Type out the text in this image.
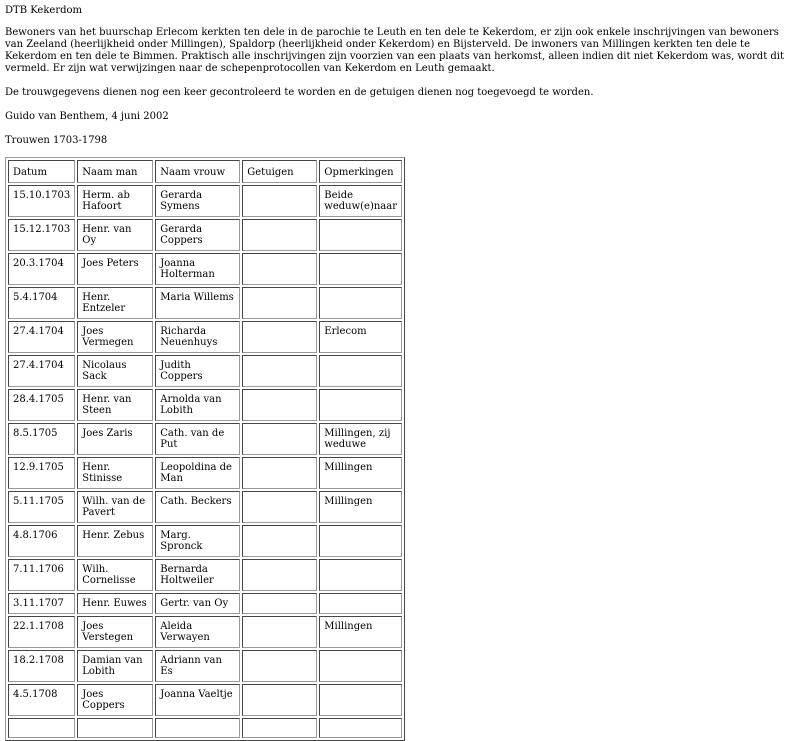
DTB Kekerdom

Bewoners van het buurschap Erlecom kerkten ten dele in de parochie te Leuth en ten dele te Kekerdom, er zijn ook enkele inschrijvingen van bewoners van Zeeland (heerlijkheid onder Millingen), Spaldorp (heerlijkheid onder Kekerdom) en Bijsterveld. De inwoners van Millingen kerkten ten dele te Kekerdom en ten dele te Bimmen. Praktisch alle inschrijvingen zijn voorzien van een plaats van herkomst, alleen indien dit niet Kekerdom was, wordt dit vermeld. Er zijn wat verwijzingen naar de schepenprotocollen van Kekerdom en Leuth gemaakt.

De trouwgegevens dienen nog een keer gecontroleerd te worden en de getuigen dienen nog toegevoegd te worden.

Guido van Benthem, 4 juni 2002

Trouwen 1703-1798

Datum	Naam man	Naam vrouw	Getuigen	Opmerkingen
15.10.1703	Herm. ab Hafoort	Gerarda Symens		Beide weduw(e)naar
15.12.1703	Henr. van Oy	Gerarda Coppers		
20.3.1704	Joes Peters	Joanna Holterman		
5.4.1704	Henr. Entzeler	Maria Willems		
27.4.1704	Joes Vermegen	Richarda Neuenhuys		Erlecom
27.4.1704	Nicolaus Sack	Judith Coppers		
28.4.1705	Henr. van Steen	Arnolda van Lobith		
8.5.1705	Joes Zaris	Cath. van de Put		Millingen, zij weduwe
12.9.1705	Henr. Stinisse	Leopoldina de Man		Millingen
5.11.1705	Wilh. van de Pavert	Cath. Beckers		Millingen
4.8.1706	Henr. Zebus	Marg. Spronck		
7.11.1706	Wilh. Cornelisse	Bernarda Holtweiler		
3.11.1707	Henr. Euwes	Gertr. van Oy		
22.1.1708	Joes Verstegen	Aleida Verwayen		Millingen
18.2.1708	Damian van Lobith	Adriann van Es		
4.5.1708	Joes Coppers	Joanna Vaeltje		
